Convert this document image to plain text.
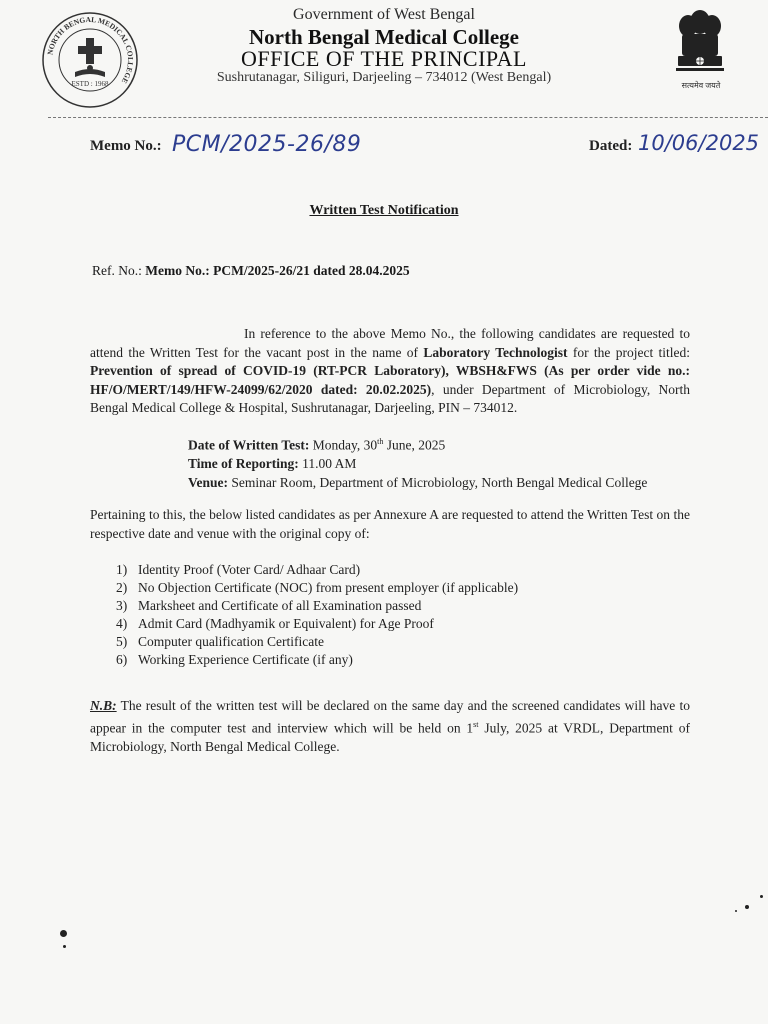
NORTH BENGAL MEDICAL COLLEGE
ESTD : 1968
Government of West Bengal
North Bengal Medical College
OFFICE OF THE PRINCIPAL
Sushrutanagar, Siliguri, Darjeeling – 734012 (West Bengal)
सत्यमेव जयते
Memo No.: PCM/2025-26/89	Dated: 10/06/2025
Written Test Notification
Ref. No.: Memo No.: PCM/2025-26/21 dated 28.04.2025
In reference to the above Memo No., the following candidates are requested to attend the Written Test for the vacant post in the name of Laboratory Technologist for the project titled: Prevention of spread of COVID-19 (RT-PCR Laboratory), WBSH&FWS (As per order vide no.: HF/O/MERT/149/HFW-24099/62/2020 dated: 20.02.2025), under Department of Microbiology, North Bengal Medical College & Hospital, Sushrutanagar, Darjeeling, PIN – 734012.
Date of Written Test: Monday, 30th June, 2025
Time of Reporting: 11.00 AM
Venue: Seminar Room, Department of Microbiology, North Bengal Medical College
Pertaining to this, the below listed candidates as per Annexure A are requested to attend the Written Test on the respective date and venue with the original copy of:
1) Identity Proof (Voter Card/ Adhaar Card)
2) No Objection Certificate (NOC) from present employer (if applicable)
3) Marksheet and Certificate of all Examination passed
4) Admit Card (Madhyamik or Equivalent) for Age Proof
5) Computer qualification Certificate
6) Working Experience Certificate (if any)
N.B: The result of the written test will be declared on the same day and the screened candidates will have to appear in the computer test and interview which will be held on 1st July, 2025 at VRDL, Department of Microbiology, North Bengal Medical College.
